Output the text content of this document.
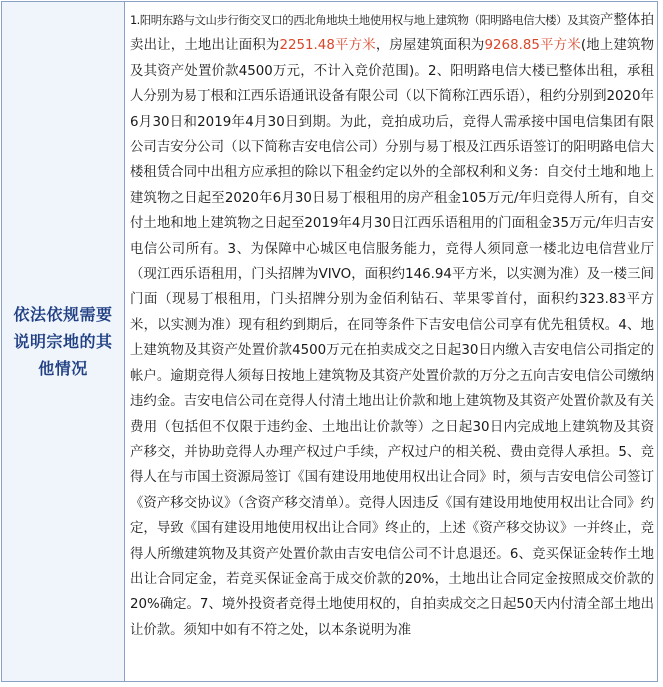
依法依规需要说明宗地的其他情况
1.阳明东路与文山步行街交叉口的西北角地块土地使用权与地上建筑物（阳明路电信大楼）及其资产整体拍卖出让，土地出让面积为2251.48平方米，房屋建筑面积为9268.85平方米(地上建筑物及其资产处置价款4500万元，不计入竞价范围)。2、阳明路电信大楼已整体出租，承租人分别为易丁根和江西乐语通讯设备有限公司（以下简称江西乐语），租约分别到2020年6月30日和2019年4月30日到期。为此，竞拍成功后，竞得人需承接中国电信集团有限公司吉安分公司（以下简称吉安电信公司）分别与易丁根及江西乐语签订的阳明路电信大楼租赁合同中出租方应承担的除以下租金约定以外的全部权利和义务：自交付土地和地上建筑物之日起至2020年6月30日易丁根租用的房产租金105万元/年归竞得人所有，自交付土地和地上建筑物之日起至2019年4月30日江西乐语租用的门面租金35万元/年归吉安电信公司所有。3、为保障中心城区电信服务能力，竞得人须同意一楼北边电信营业厅（现江西乐语租用，门头招牌为VIVO，面积约146.94平方米，以实测为准）及一楼三间门面（现易丁根租用，门头招牌分别为金佰利钻石、苹果零首付，面积约323.83平方米，以实测为准）现有租约到期后，在同等条件下吉安电信公司享有优先租赁权。4、地上建筑物及其资产处置价款4500万元在拍卖成交之日起30日内缴入吉安电信公司指定的帐户。逾期竞得人须每日按地上建筑物及其资产处置价款的万分之五向吉安电信公司缴纳违约金。吉安电信公司在竞得人付清土地出让价款和地上建筑物及其资产处置价款及有关费用（包括但不仅限于违约金、土地出让价款等）之日起30日内完成地上建筑物及其资产移交，并协助竞得人办理产权过户手续，产权过户的相关税、费由竞得人承担。5、竞得人在与市国土资源局签订《国有建设用地使用权出让合同》时，须与吉安电信公司签订《资产移交协议》（含资产移交清单）。竞得人因违反《国有建设用地使用权出让合同》约定，导致《国有建设用地使用权出让合同》终止的，上述《资产移交协议》一并终止，竞得人所缴建筑物及其资产处置价款由吉安电信公司不计息退还。6、竞买保证金转作土地出让合同定金，若竞买保证金高于成交价款的20%，土地出让合同定金按照成交价款的20%确定。7、境外投资者竞得土地使用权的，自拍卖成交之日起50天内付清全部土地出让价款。须知中如有不符之处，以本条说明为准
